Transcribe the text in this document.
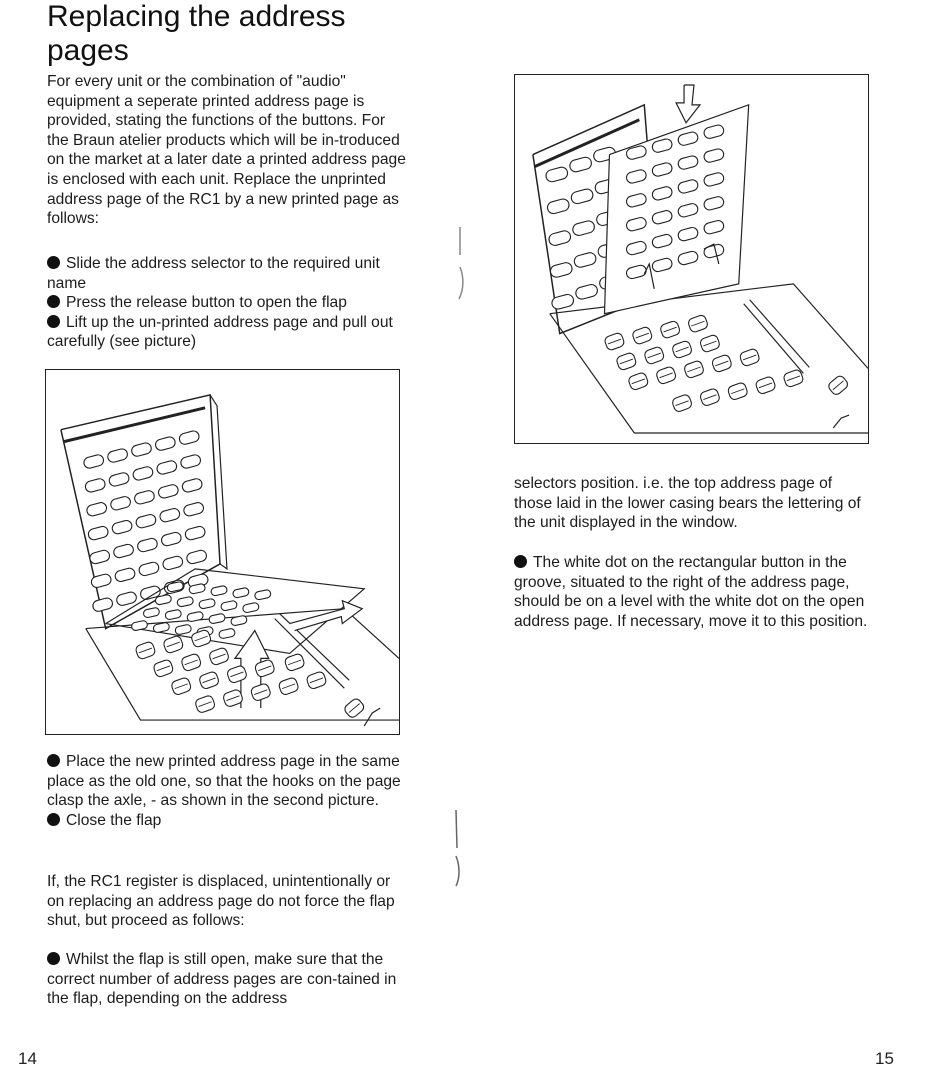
Replacing the address pages

For every unit or the combination of "audio" equipment a seperate printed address page is provided, stating the functions of the buttons. For the Braun atelier products which will be in-troduced on the market at a later date a printed address page is enclosed with each unit. Replace the unprinted address page of the RC1 by a new printed page as follows:

Slide the address selector to the required unit name
Press the release button to open the flap
Lift up the un-printed address page and pull out carefully (see picture)
Place the new printed address page in the same place as the old one, so that the hooks on the page clasp the axle, - as shown in the second picture.
Close the flap

If, the RC1 register is displaced, unintentionally or on replacing an address page do not force the flap shut, but proceed as follows:

Whilst the flap is still open, make sure that the correct number of address pages are con-tained in the flap, depending on the address

14

selectors position. i.e. the top address page of those laid in the lower casing bears the lettering of the unit displayed in the window.

The white dot on the rectangular button in the groove, situated to the right of the address page, should be on a level with the white dot on the open address page. If necessary, move it to this position.

15
